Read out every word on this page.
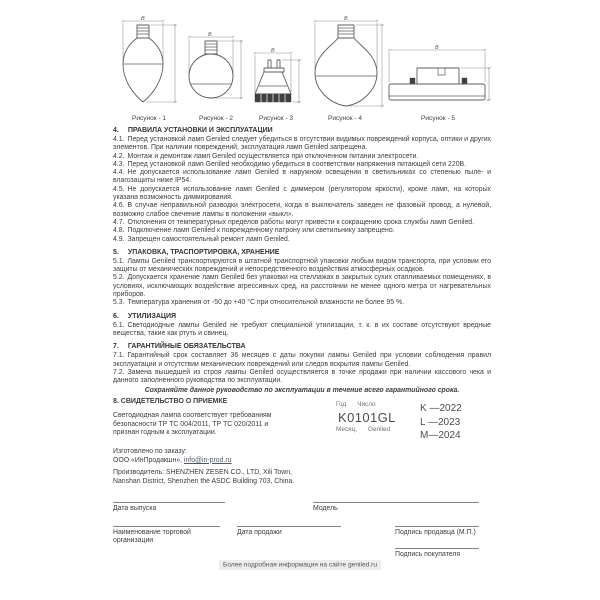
B
Рисунок - 1
B
Рисунок - 2
B
Рисунок - 3
B
Рисунок - 4
B
Рисунок - 5
4. ПРАВИЛА УСТАНОВКИ И ЭКСПЛУАТАЦИИ

4.1. Перед установкой ламп Geniled следует убедиться в отсутствии видимых повреждений корпуса, оптики и других элементов. При наличии повреждений, эксплуатация ламп Geniled запрещена.

4.2. Монтаж и демонтаж ламп Geniled осуществляется при отключенном питании электросети.

4.3. Перед установкой ламп Geniled необходимо убедиться в соответствии напряжения питающей сети 220В.

4.4. Не допускается использование ламп Geniled в наружном освещении в светильниках со степенью пыле- и влагозащиты ниже IP54.

4.5. Не допускается использование ламп Geniled с диммером (регулятором яркости), кроме ламп, на которых указана возможность диммирования.

4.6. В случае неправильной разводки электросети, когда в выключатель заведен не фазовый провод, а нулевой, возможно слабое свечение лампы в положении «выкл».

4.7. Отклонения от температурных пределов работы могут привести к сокращению срока службы ламп Geniled.

4.8. Подключение ламп Geniled к поврежденному патрону или светильнику запрещено.

4.9. Запрещен самостоятельный ремонт ламп Geniled.

5. УПАКОВКА, ТРАСПОРТИРОВКА, ХРАНЕНИЕ

5.1. Лампы Geniled транспортируются в штатной транспортной упаковки любым видом транспорта, при условии его защиты от механических повреждений и непосредственного воздействия атмосферных осадков.

5.2. Допускается хранение ламп Geniled без упаковки на стеллажах в закрытых сухих отапливаемых помещениях, в условиях, исключающих воздействие агрессивных сред, на расстоянии не менее одного метра от нагревательных приборов.

5.3. Температура хранения от -50 до +40 °С при относительной влажности не более 95 %.

6. УТИЛИЗАЦИЯ

6.1. Светодиодные лампы Geniled не требуют специальной утилизации, т. к. в их составе отсутствуют вредные вещества, такие как ртуть и свинец.

7. ГАРАНТИЙНЫЕ ОБЯЗАТЕЛЬСТВА

7.1. Гарантийный срок составляет 36 месяцев с даты покупки лампы Geniled при условии соблюдения правил эксплуатации и отсутствии механических повреждений или следов вскрытия лампы Geniled.

7.2. Замена вышедшей из строя лампы Geniled осуществляется в точке продажи при наличии кассового чека и данного заполненного руководства по эксплуатации.

Сохраняйте данное руководство по эксплуатации в течение всего гарантийного срока.

8. СВИДЕТЕЛЬСТВО О ПРИЕМКЕ
Светодиодная лампа соответствует требованиям безопасности ТР ТС 004/2011, ТР ТС 020/2011 и признан годным к эксплуатации.
Изготовлено по заказу:
ООО «ИнПродакшн», info@in-prod.ru
Год Число
K0101GL
Месяц, Geniled
K —2022
L —2023
M—2024
Производитель: SHENZHEN ZESEN CO., LTD, Xili Town, Nanshan District, Shenzhen the ASDC Building 703, China.
Дата выпуска	Модель
Наименование торговой организации
Дата продажи	Подпись продавца (М.П.)
Подпись покупателя
Более подробная информация на сайте geniled.ru
